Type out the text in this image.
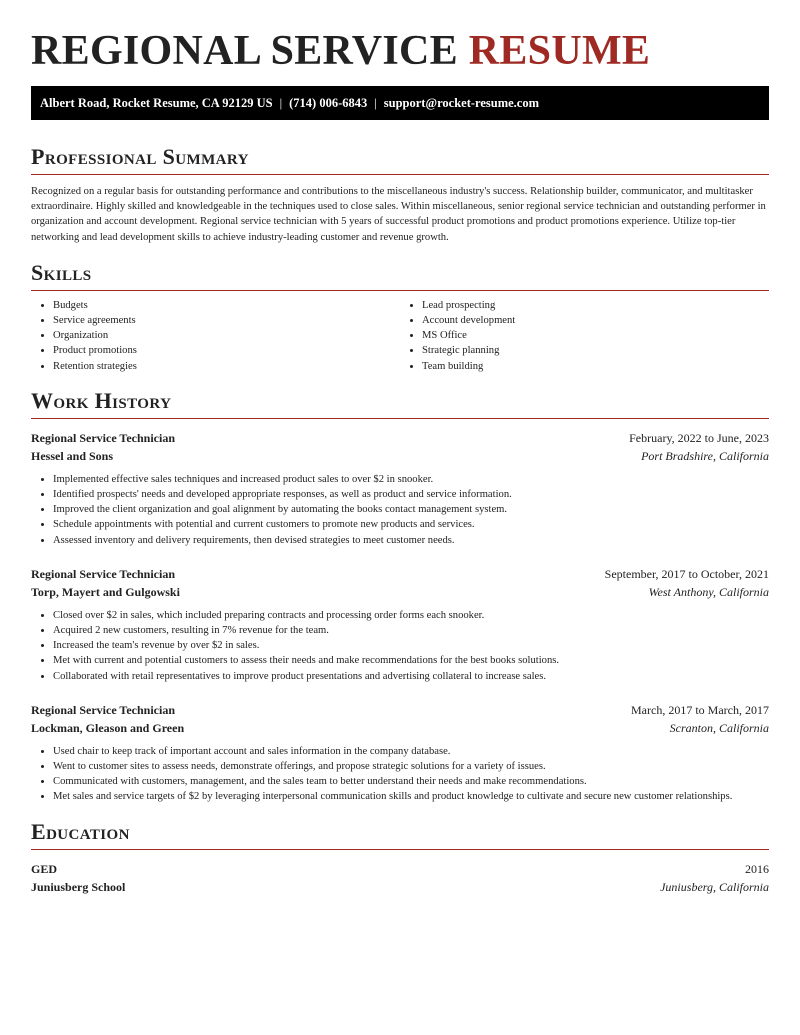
REGIONAL SERVICE RESUME
Albert Road, Rocket Resume, CA 92129 US | (714) 006-6843 | support@rocket-resume.com
Professional Summary

Recognized on a regular basis for outstanding performance and contributions to the miscellaneous industry's success. Relationship builder, communicator, and multitasker extraordinaire. Highly skilled and knowledgeable in the techniques used to close sales. Within miscellaneous, senior regional service technician and outstanding performer in organization and account development. Regional service technician with 5 years of successful product promotions and product promotions experience. Utilize top-tier networking and lead development skills to achieve industry-leading customer and revenue growth.

Skills
• Budgets
• Service agreements
• Organization
• Product promotions
• Retention strategies
• Lead prospecting
• Account development
• MS Office
• Strategic planning
• Team building
Work History
Regional Service Technician	February, 2022 to June, 2023
Hessel and Sons	Port Bradshire, California
• Implemented effective sales techniques and increased product sales to over $2 in snooker.
• Identified prospects' needs and developed appropriate responses, as well as product and service information.
• Improved the client organization and goal alignment by automating the books contact management system.
• Schedule appointments with potential and current customers to promote new products and services.
• Assessed inventory and delivery requirements, then devised strategies to meet customer needs.
Regional Service Technician	September, 2017 to October, 2021
Torp, Mayert and Gulgowski	West Anthony, California
• Closed over $2 in sales, which included preparing contracts and processing order forms each snooker.
• Acquired 2 new customers, resulting in 7% revenue for the team.
• Increased the team's revenue by over $2 in sales.
• Met with current and potential customers to assess their needs and make recommendations for the best books solutions.
• Collaborated with retail representatives to improve product presentations and advertising collateral to increase sales.
Regional Service Technician	March, 2017 to March, 2017
Lockman, Gleason and Green	Scranton, California
• Used chair to keep track of important account and sales information in the company database.
• Went to customer sites to assess needs, demonstrate offerings, and propose strategic solutions for a variety of issues.
• Communicated with customers, management, and the sales team to better understand their needs and make recommendations.
• Met sales and service targets of $2 by leveraging interpersonal communication skills and product knowledge to cultivate and secure new customer relationships.
Education
GED	2016
Juniusberg School	Juniusberg, California
